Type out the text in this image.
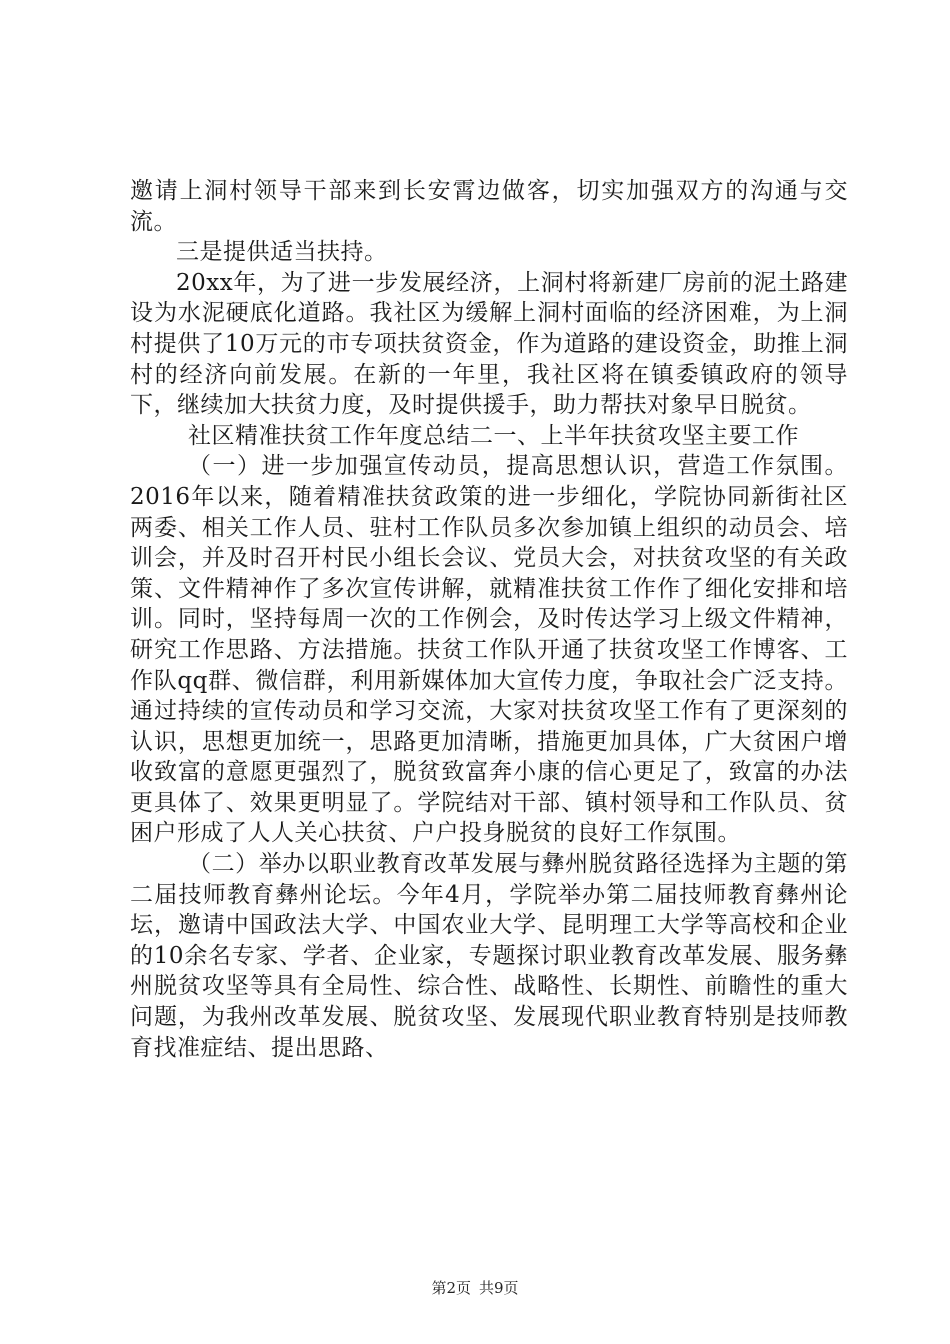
邀请上洞村领导干部来到长安霄边做客，切实加强双方的沟通与交流。

三是提供适当扶持。

20xx年，为了进一步发展经济，上洞村将新建厂房前的泥土路建设为水泥硬底化道路。我社区为缓解上洞村面临的经济困难，为上洞村提供了10万元的市专项扶贫资金，作为道路的建设资金，助推上洞村的经济向前发展。在新的一年里，我社区将在镇委镇政府的领导下，继续加大扶贫力度，及时提供援手，助力帮扶对象早日脱贫。

社区精准扶贫工作年度总结二一、上半年扶贫攻坚主要工作

（一）进一步加强宣传动员，提高思想认识，营造工作氛围。2016年以来，随着精准扶贫政策的进一步细化，学院协同新街社区两委、相关工作人员、驻村工作队员多次参加镇上组织的动员会、培训会，并及时召开村民小组长会议、党员大会，对扶贫攻坚的有关政策、文件精神作了多次宣传讲解，就精准扶贫工作作了细化安排和培训。同时，坚持每周一次的工作例会，及时传达学习上级文件精神，研究工作思路、方法措施。扶贫工作队开通了扶贫攻坚工作博客、工作队qq群、微信群，利用新媒体加大宣传力度，争取社会广泛支持。通过持续的宣传动员和学习交流，大家对扶贫攻坚工作有了更深刻的认识，思想更加统一，思路更加清晰，措施更加具体，广大贫困户增收致富的意愿更强烈了，脱贫致富奔小康的信心更足了，致富的办法更具体了、效果更明显了。学院结对干部、镇村领导和工作队员、贫困户形成了人人关心扶贫、户户投身脱贫的良好工作氛围。

（二）举办以职业教育改革发展与彝州脱贫路径选择为主题的第二届技师教育彝州论坛。今年4月，学院举办第二届技师教育彝州论坛，邀请中国政法大学、中国农业大学、昆明理工大学等高校和企业的10余名专家、学者、企业家，专题探讨职业教育改革发展、服务彝州脱贫攻坚等具有全局性、综合性、战略性、长期性、前瞻性的重大问题，为我州改革发展、脱贫攻坚、发展现代职业教育特别是技师教育找准症结、提出思路、

第2页 共9页
